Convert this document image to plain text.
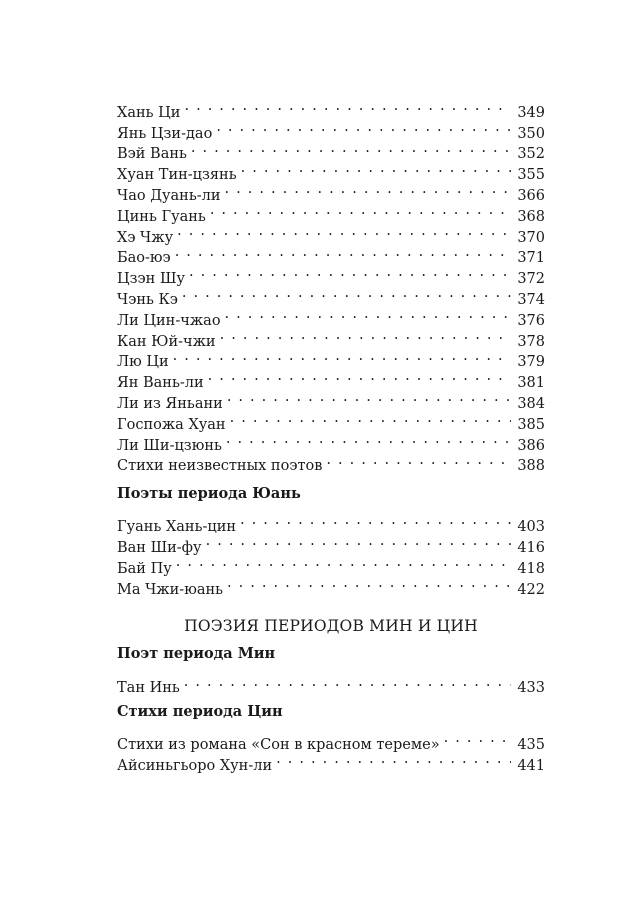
Хань Ци . . .	349
Янь Цзи-дао . . .	350
Вэй Вань . . .	352
Хуан Тин-цзянь . . .	355
Чао Дуань-ли . . .	366
Цинь Гуань . . .	368
Хэ Чжу . . .	370
Бао-юэ . . .	371
Цзэн Шу . . .	372
Чэнь Кэ . . .	374
Ли Цин-чжао . . .	376
Кан Юй-чжи . . .	378
Лю Ци . . .	379
Ян Вань-ли . . .	381
Ли из Яньани . . .	384
Госпожа Хуан . . .	385
Ли Ши-цзюнь . . .	386
Стихи неизвестных поэтов . . .	388
Поэты периода Юань
Гуань Хань-цин . . .	403
Ван Ши-фу . . .	416
Бай Пу . . .	418
Ма Чжи-юань . . .	422
ПОЭЗИЯ ПЕРИОДОВ МИН И ЦИН
Поэт периода Мин
Тан Инь . . .	433
Стихи периода Цин
Стихи из романа «Сон в красном тереме» . . .	435
Айсиньгьоро Хун-ли . . .	441
